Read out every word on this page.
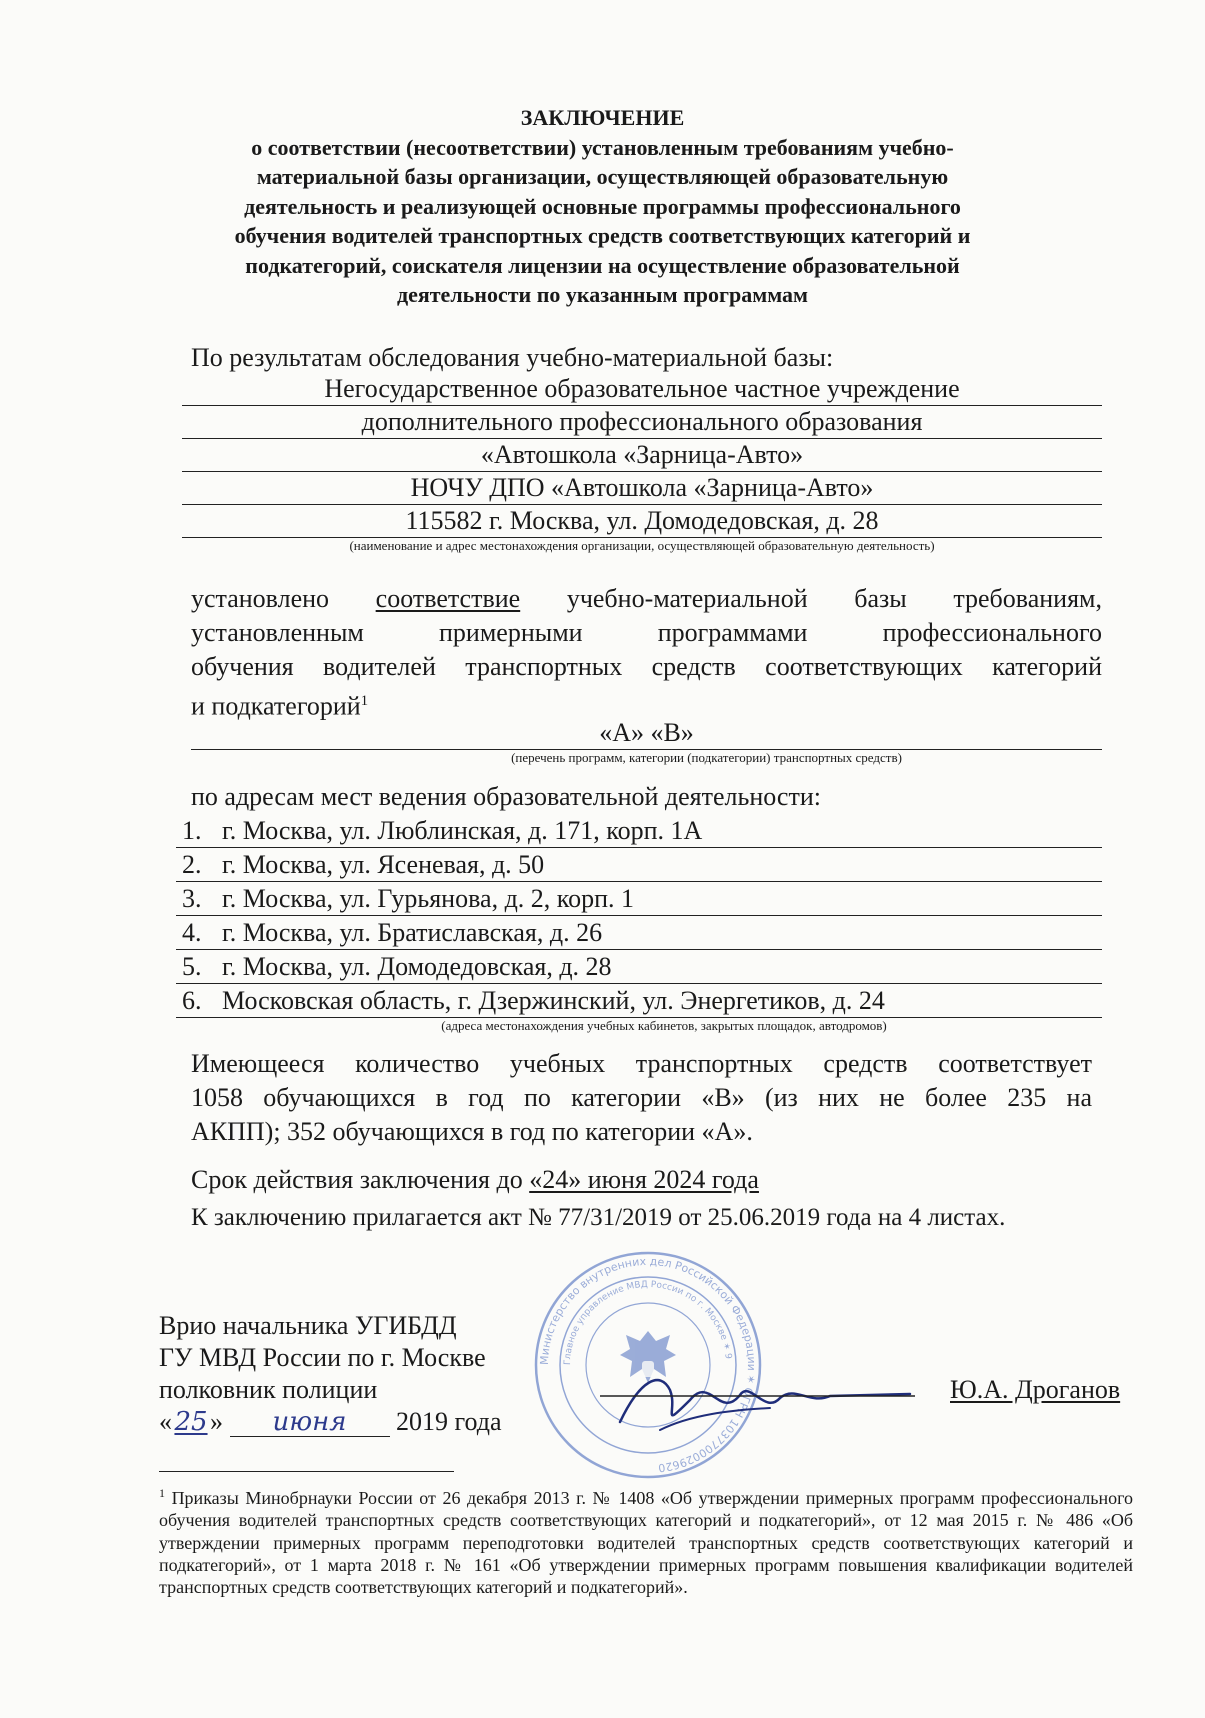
ЗАКЛЮЧЕНИЕ
о соответствии (несоответствии) установленным требованиям учебно-
материальной базы организации, осуществляющей образовательную
деятельность и реализующей основные программы профессионального
обучения водителей транспортных средств соответствующих категорий и
подкатегорий, соискателя лицензии на осуществление образовательной
деятельности по указанным программам
По результатам обследования учебно-материальной базы:
Негосударственное образовательное частное учреждение
дополнительного профессионального образования
«Автошкола «Зарница-Авто»
НОЧУ ДПО «Автошкола «Зарница-Авто»
115582 г. Москва, ул. Домодедовская, д. 28
(наименование и адрес местонахождения организации, осуществляющей образовательную деятельность)
установлено соответствие учебно-материальной базы требованиям,
установленным примерными программами профессионального
обучения водителей транспортных средств соответствующих категорий
и подкатегорий$^1$
«А» «В»
(перечень программ, категории (подкатегории) транспортных средств)
по адресам мест ведения образовательной деятельности:
1. г. Москва, ул. Люблинская, д. 171, корп. 1А
2. г. Москва, ул. Ясеневая, д. 50
3. г. Москва, ул. Гурьянова, д. 2, корп. 1
4. г. Москва, ул. Братиславская, д. 26
5. г. Москва, ул. Домодедовская, д. 28
6. Московская область, г. Дзержинский, ул. Энергетиков, д. 24
(адреса местонахождения учебных кабинетов, закрытых площадок, автодромов)
Имеющееся количество учебных транспортных средств соответствует
1058 обучающихся в год по категории «В» (из них не более 235 на
АКПП); 352 обучающихся в год по категории «А».
Срок действия заключения до «24» июня 2024 года
К заключению прилагается акт № 77/31/2019 от 25.06.2019 года на 4 листах.
Министерство внутренних дел Российской Федерации ✶ ОГРН 1037700029620
Главное управление МВД России по г. Москве ✶ 9
Врио начальника УГИБДД
ГУ МВД России по г. Москве
полковник полиции
«25» июня 2019 года
Ю.А. Дроганов
$^1$ Приказы Минобрнауки России от 26 декабря 2013 г. № 1408 «Об утверждении примерных программ профессионального обучения водителей транспортных средств соответствующих категорий и подкатегорий», от 12 мая 2015 г. № 486 «Об утверждении примерных программ переподготовки водителей транспортных средств соответствующих категорий и подкатегорий», от 1 марта 2018 г. № 161 «Об утверждении примерных программ повышения квалификации водителей транспортных средств соответствующих категорий и подкатегорий».
